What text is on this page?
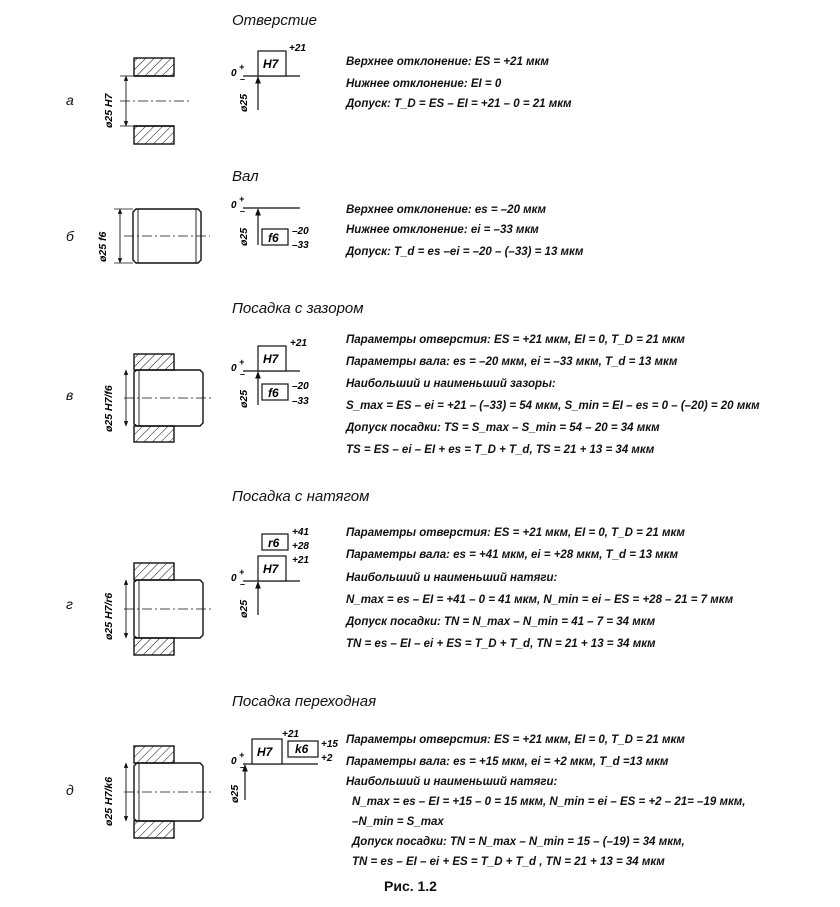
Отверстие
а
Верхнее отклонение: ES = +21 мкм
Нижнее отклонение: EI = 0
Допуск: T_D = ES – EI = +21 – 0 = 21 мкм
Вал
б
Верхнее отклонение: es = –20 мкм
Нижнее отклонение: ei = –33 мкм
Допуск: T_d = es –ei = –20 – (–33) = 13 мкм
Посадка с зазором
в
Параметры отверстия: ES = +21 мкм, EI = 0, T_D = 21 мкм
Параметры вала: es = –20 мкм, ei = –33 мкм, T_d = 13 мкм
Наибольший и наименьший зазоры:
S_max = ES – ei = +21 – (–33) = 54 мкм, S_min = EI – es = 0 – (–20) = 20 мкм
Допуск посадки: TS = S_max – S_min = 54 – 20 = 34 мкм
TS = ES – ei – EI + es = T_D + T_d, TS = 21 + 13 = 34 мкм
Посадка с натягом
г
Параметры отверстия: ES = +21 мкм, EI = 0, T_D = 21 мкм
Параметры вала: es = +41 мкм, ei = +28 мкм, T_d = 13 мкм
Наибольший и наименьший натяги:
N_max = es – EI = +41 – 0 = 41 мкм, N_min = ei – ES = +28 – 21 = 7 мкм
Допуск посадки: TN = N_max – N_min = 41 – 7 = 34 мкм
TN = es – EI – ei + ES = T_D + T_d, TN = 21 + 13 = 34 мкм
Посадка переходная
д
Параметры отверстия: ES = +21 мкм, EI = 0, T_D = 21 мкм
Параметры вала: es = +15 мкм, ei = +2 мкм, T_d =13 мкм
Наибольший и наименьший натяги:
N_max = es – EI = +15 – 0 = 15 мкм, N_min = ei – ES = +2 – 21= –19 мкм,
–N_min = S_max
Допуск посадки: TN = N_max – N_min = 15 – (–19) = 34 мкм,
TN = es – EI – ei + ES = T_D + T_d , TN = 21 + 13 = 34 мкм
Рис. 1.2
ø25 H7
0
+
–
ø25
H7
+21
ø25 f6
0
+
–
ø25 f6 –20
–33
ø25 H7/f6
0
+
–
ø25
H7
+21
f6 –20
–33
ø25 H7/r6
0
+
–
ø25
r6
+41
+28
H7
+21
ø25 H7/k6
0
+
–
ø25
H7
+21
k6 +15
+2
